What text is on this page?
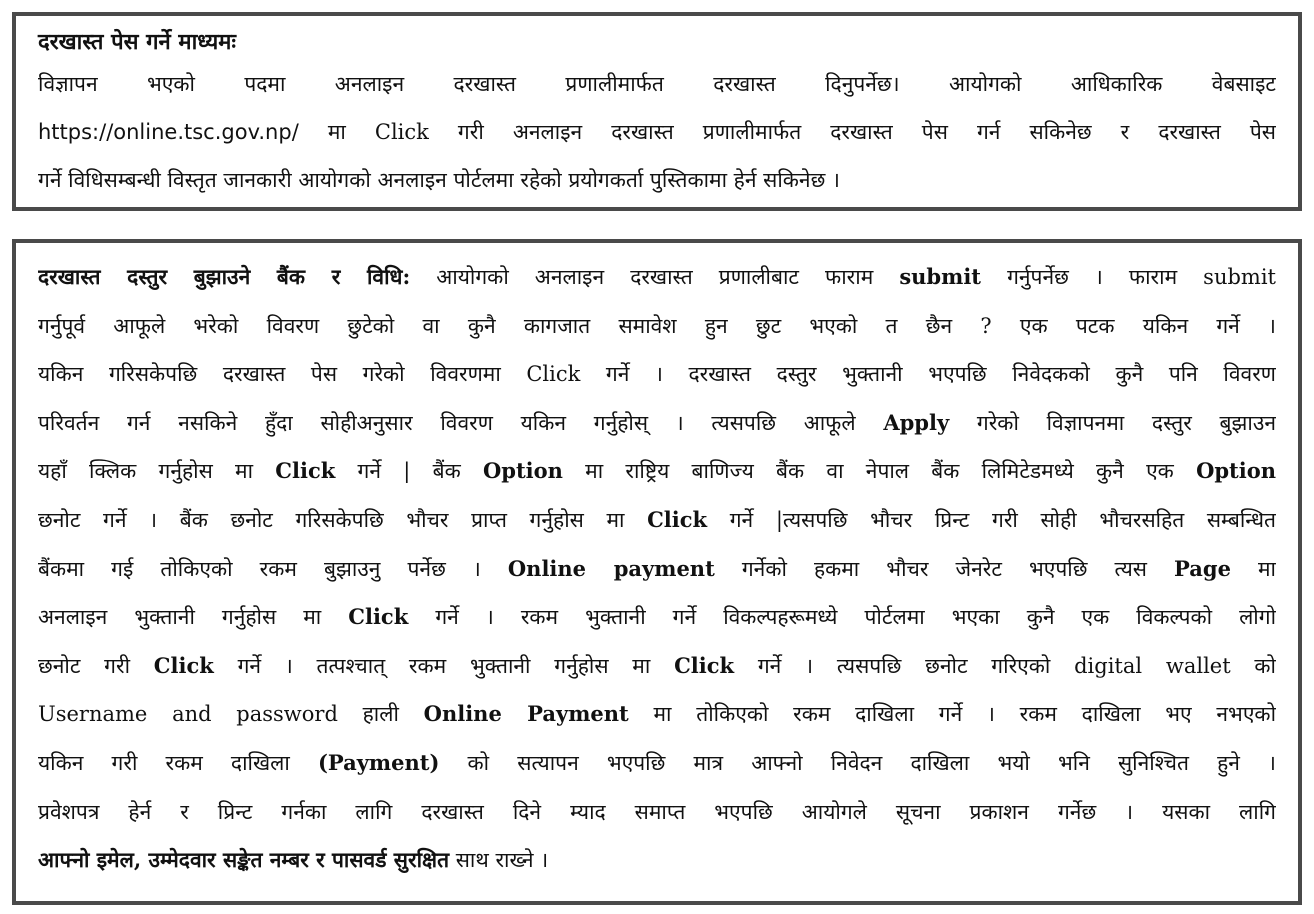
दरखास्त पेस गर्ने माध्यमः

विज्ञापन भएको पदमा अनलाइन दरखास्त प्रणालीमार्फत दरखास्त दिनुपर्नेछ। आयोगको आधिकारिक वेबसाइट

https://online.tsc.gov.np/ मा Click गरी अनलाइन दरखास्त प्रणालीमार्फत दरखास्त पेस गर्न सकिनेछ र दरखास्त पेस

गर्ने विधिसम्बन्धी विस्तृत जानकारी आयोगको अनलाइन पोर्टलमा रहेको प्रयोगकर्ता पुस्तिकामा हेर्न सकिनेछ ।

दरखास्त दस्तुर बुझाउने बैंक र विधि: आयोगको अनलाइन दरखास्त प्रणालीबाट फाराम submit गर्नुपर्नेछ । फाराम submit

गर्नुपूर्व आफूले भरेको विवरण छुटेको वा कुनै कागजात समावेश हुन छुट भएको त छैन ? एक पटक यकिन गर्ने ।

यकिन गरिसकेपछि दरखास्त पेस गरेको विवरणमा Click गर्ने । दरखास्त दस्तुर भुक्तानी भएपछि निवेदकको कुनै पनि विवरण

परिवर्तन गर्न नसकिने हुँदा सोहीअनुसार विवरण यकिन गर्नुहोस् । त्यसपछि आफूले Apply गरेको विज्ञापनमा दस्तुर बुझाउन

यहाँ क्लिक गर्नुहोस मा Click गर्ने | बैंक Option मा राष्ट्रिय बाणिज्य बैंक वा नेपाल बैंक लिमिटेडमध्ये कुनै एक Option

छनोट गर्ने । बैंक छनोट गरिसकेपछि भौचर प्राप्त गर्नुहोस मा Click गर्ने |त्यसपछि भौचर प्रिन्ट गरी सोही भौचरसहित सम्बन्धित

बैंकमा गई तोकिएको रकम बुझाउनु पर्नेछ । Online payment गर्नेको हकमा भौचर जेनरेट भएपछि त्यस Page मा

अनलाइन भुक्तानी गर्नुहोस मा Click गर्ने । रकम भुक्तानी गर्ने विकल्पहरूमध्ये पोर्टलमा भएका कुनै एक विकल्पको लोगो

छनोट गरी Click गर्ने । तत्पश्चात् रकम भुक्तानी गर्नुहोस मा Click गर्ने । त्यसपछि छनोट गरिएको digital wallet को

Username and password हाली Online Payment मा तोकिएको रकम दाखिला गर्ने । रकम दाखिला भए नभएको

यकिन गरी रकम दाखिला (Payment) को सत्यापन भएपछि मात्र आफ्नो निवेदन दाखिला भयो भनि सुनिश्चित हुने ।

प्रवेशपत्र हेर्न र प्रिन्ट गर्नका लागि दरखास्त दिने म्याद समाप्त भएपछि आयोगले सूचना प्रकाशन गर्नेछ । यसका लागि

आफ्नो इमेल, उम्मेदवार सङ्केत नम्बर र पासवर्ड सुरक्षित साथ राख्ने ।
